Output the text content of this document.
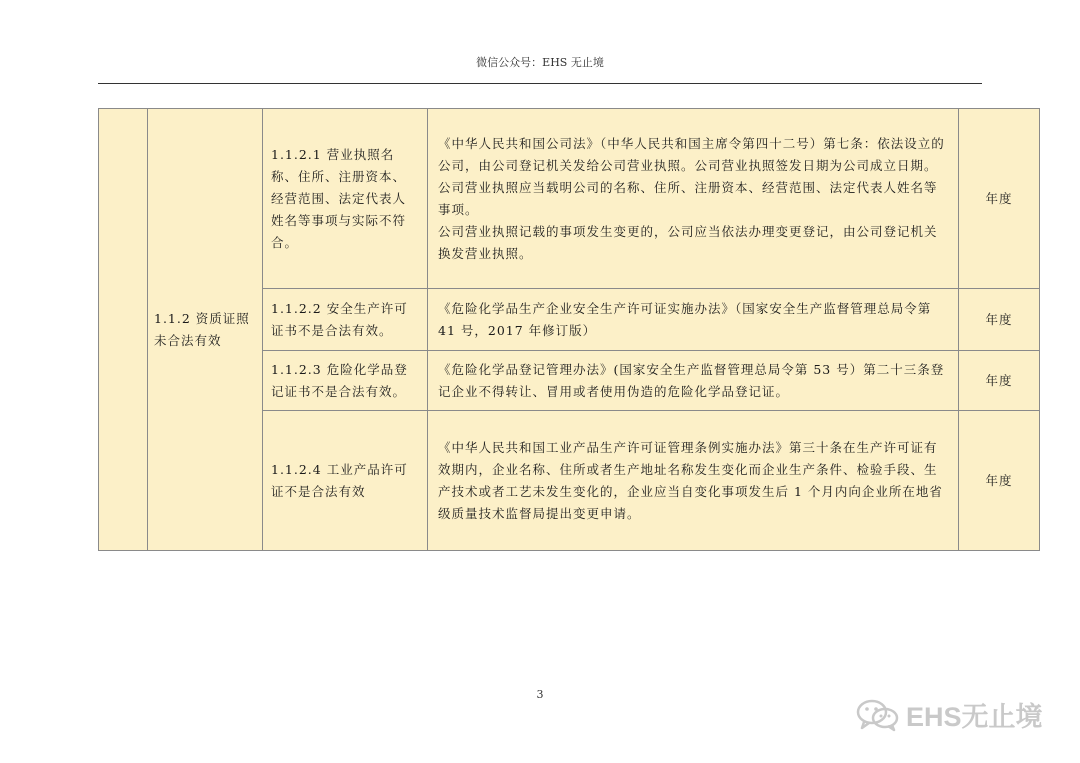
微信公众号：EHS 无止境
	1.1.2 资质证照未合法有效	1.1.2.1 营业执照名称、住所、注册资本、经营范围、法定代表人姓名等事项与实际不符合。	《中华人民共和国公司法》（中华人民共和国主席令第四十二号）第七条：依法设立的公司，由公司登记机关发给公司营业执照。公司营业执照签发日期为公司成立日期。
公司营业执照应当载明公司的名称、住所、注册资本、经营范围、法定代表人姓名等事项。
公司营业执照记载的事项发生变更的，公司应当依法办理变更登记，由公司登记机关换发营业执照。	年度
		1.1.2.2 安全生产许可证书不是合法有效。	《危险化学品生产企业安全生产许可证实施办法》（国家安全生产监督管理总局令第 41 号，2017 年修订版）	年度
		1.1.2.3 危险化学品登记证书不是合法有效。	《危险化学品登记管理办法》(国家安全生产监督管理总局令第 53 号）第二十三条登记企业不得转让、冒用或者使用伪造的危险化学品登记证。	年度
		1.1.2.4 工业产品许可证不是合法有效	《中华人民共和国工业产品生产许可证管理条例实施办法》第三十条在生产许可证有效期内，企业名称、住所或者生产地址名称发生变化而企业生产条件、检验手段、生产技术或者工艺未发生变化的，企业应当自变化事项发生后 1 个月内向企业所在地省级质量技术监督局提出变更申请。	年度
3
EHS无止境
